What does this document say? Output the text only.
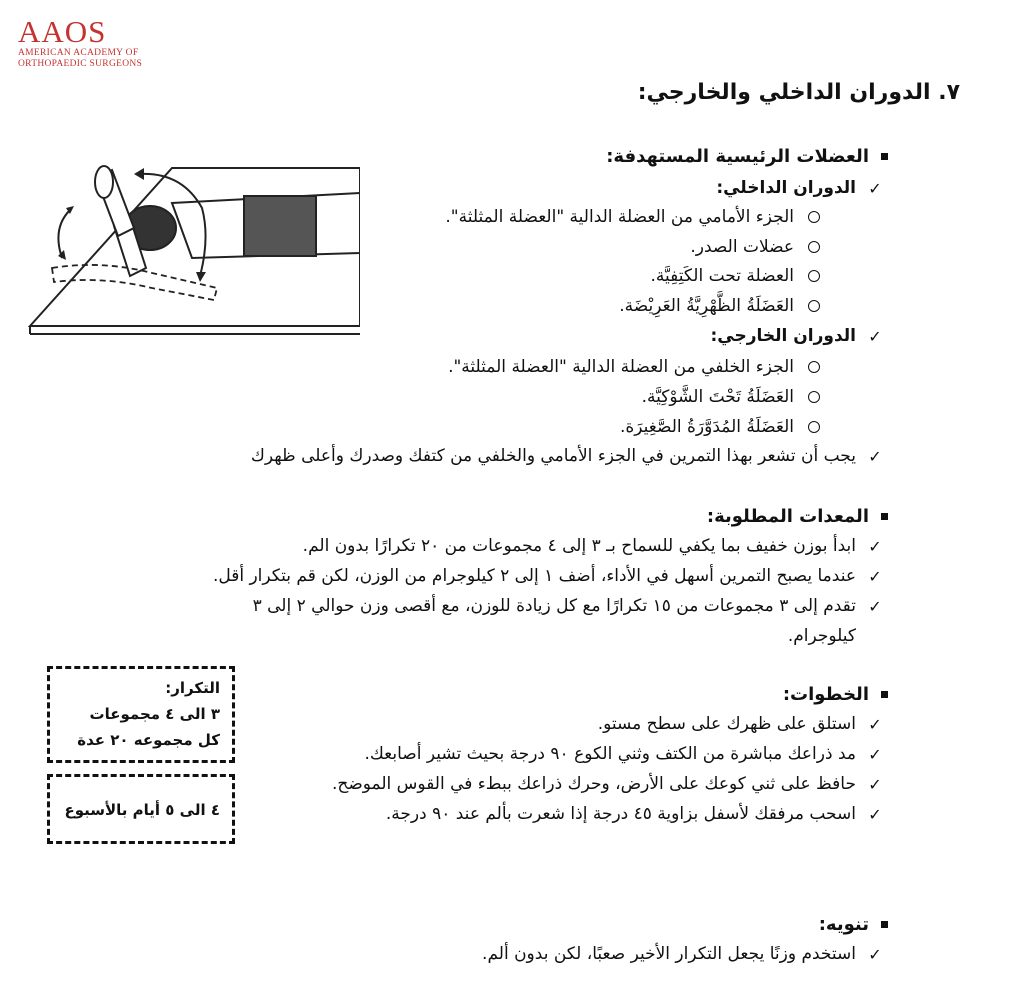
AAOS
AMERICAN ACADEMY OF
ORTHOPAEDIC SURGEONS
٧. الدوران الداخلي والخارجي:
العضلات الرئيسية المستهدفة:
✓
الدوران الداخلي:
الجزء الأمامي من العضلة الدالية "العضلة المثلثة".
عضلات الصدر.
العضلة تحت الكَتِفِيَّة.
العَضَلَةُ الظَّهْرِيَّةُ العَرِيْضَة.
✓
الدوران الخارجي:
الجزء الخلفي من العضلة الدالية "العضلة المثلثة".
العَضَلَةُ تَحْتَ الشَّوْكِيَّة.
العَضَلَةُ المُدَوَّرَةُ الصَّغِيرَة.
✓
يجب أن تشعر بهذا التمرين في الجزء الأمامي والخلفي من كتفك وصدرك وأعلى ظهرك
المعدات المطلوبة:
✓
ابدأ بوزن خفيف بما يكفي للسماح بـ ٣ إلى ٤ مجموعات من ٢٠ تكرارًا بدون الم.
✓
عندما يصبح التمرين أسهل في الأداء، أضف ١ إلى ٢ كيلوجرام من الوزن، لكن قم بتكرار أقل.
✓
تقدم إلى ٣ مجموعات من ١٥ تكرارًا مع كل زيادة للوزن، مع أقصى وزن حوالي ٢ إلى ٣
كيلوجرام.
التكرار:
٣ الى ٤ مجموعات
كل مجموعه ٢٠ عدة
٤ الى ٥ أيام بالأسبوع
الخطوات:
✓
استلق على ظهرك على سطح مستو.
✓
مد ذراعك مباشرة من الكتف وثني الكوع ٩٠ درجة بحيث تشير أصابعك.
✓
حافظ على ثني كوعك على الأرض، وحرك ذراعك ببطء في القوس الموضح.
✓
اسحب مرفقك لأسفل بزاوية ٤٥ درجة إذا شعرت بألم عند ٩٠ درجة.
تنويه:
✓
استخدم وزنًا يجعل التكرار الأخير صعبًا، لكن بدون ألم.
